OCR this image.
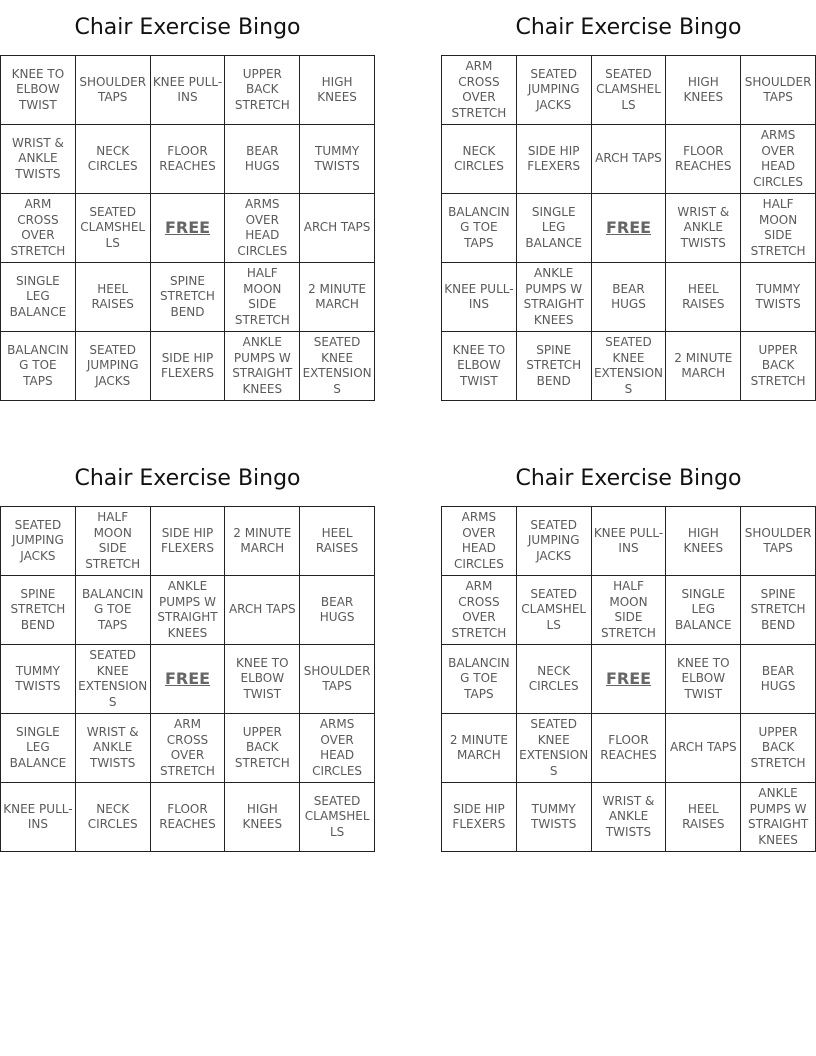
Chair Exercise Bingo
KNEE TO ELBOW TWIST	SHOULDER TAPS	KNEE PULL-INS	UPPER BACK STRETCH	HIGH KNEES
WRIST & ANKLE TWISTS	NECK CIRCLES	FLOOR REACHES	BEAR HUGS	TUMMY TWISTS
ARM CROSS OVER STRETCH	SEATED CLAMSHELLS	FREE	ARMS OVER HEAD CIRCLES	ARCH TAPS
SINGLE LEG BALANCE	HEEL RAISES	SPINE STRETCH BEND	HALF MOON SIDE STRETCH	2 MINUTE MARCH
BALANCING TOE TAPS	SEATED JUMPING JACKS	SIDE HIP FLEXERS	ANKLE PUMPS W STRAIGHT KNEES	SEATED KNEE EXTENSIONS
Chair Exercise Bingo
ARM CROSS OVER STRETCH	SEATED JUMPING JACKS	SEATED CLAMSHELLS	HIGH KNEES	SHOULDER TAPS
NECK CIRCLES	SIDE HIP FLEXERS	ARCH TAPS	FLOOR REACHES	ARMS OVER HEAD CIRCLES
BALANCING TOE TAPS	SINGLE LEG BALANCE	FREE	WRIST & ANKLE TWISTS	HALF MOON SIDE STRETCH
KNEE PULL-INS	ANKLE PUMPS W STRAIGHT KNEES	BEAR HUGS	HEEL RAISES	TUMMY TWISTS
KNEE TO ELBOW TWIST	SPINE STRETCH BEND	SEATED KNEE EXTENSIONS	2 MINUTE MARCH	UPPER BACK STRETCH
Chair Exercise Bingo
SEATED JUMPING JACKS	HALF MOON SIDE STRETCH	SIDE HIP FLEXERS	2 MINUTE MARCH	HEEL RAISES
SPINE STRETCH BEND	BALANCING TOE TAPS	ANKLE PUMPS W STRAIGHT KNEES	ARCH TAPS	BEAR HUGS
TUMMY TWISTS	SEATED KNEE EXTENSIONS	FREE	KNEE TO ELBOW TWIST	SHOULDER TAPS
SINGLE LEG BALANCE	WRIST & ANKLE TWISTS	ARM CROSS OVER STRETCH	UPPER BACK STRETCH	ARMS OVER HEAD CIRCLES
KNEE PULL-INS	NECK CIRCLES	FLOOR REACHES	HIGH KNEES	SEATED CLAMSHELLS
Chair Exercise Bingo
ARMS OVER HEAD CIRCLES	SEATED JUMPING JACKS	KNEE PULL-INS	HIGH KNEES	SHOULDER TAPS
ARM CROSS OVER STRETCH	SEATED CLAMSHELLS	HALF MOON SIDE STRETCH	SINGLE LEG BALANCE	SPINE STRETCH BEND
BALANCING TOE TAPS	NECK CIRCLES	FREE	KNEE TO ELBOW TWIST	BEAR HUGS
2 MINUTE MARCH	SEATED KNEE EXTENSIONS	FLOOR REACHES	ARCH TAPS	UPPER BACK STRETCH
SIDE HIP FLEXERS	TUMMY TWISTS	WRIST & ANKLE TWISTS	HEEL RAISES	ANKLE PUMPS W STRAIGHT KNEES
